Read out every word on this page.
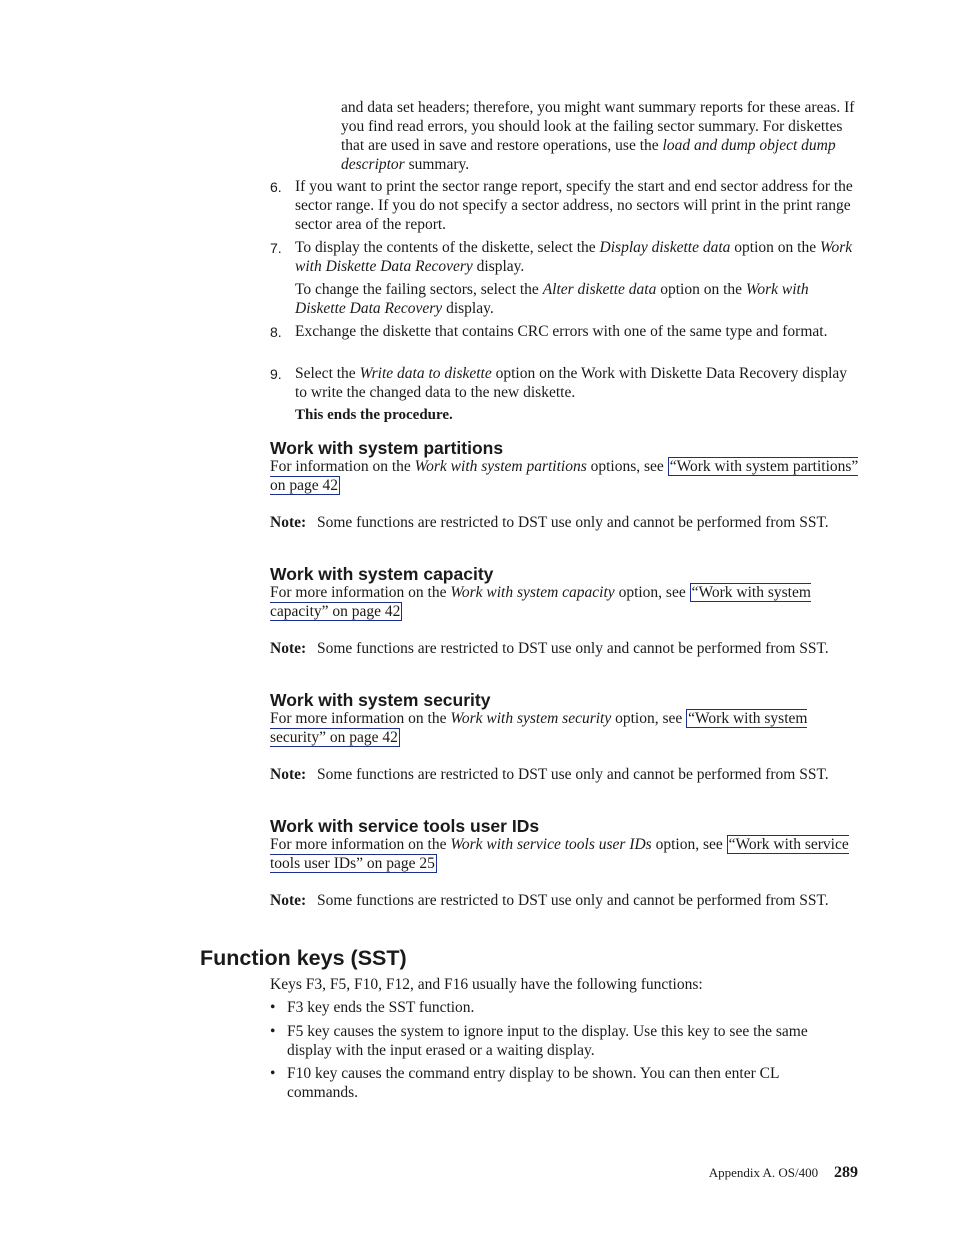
and data set headers; therefore, you might want summary reports for these areas. If you find read errors, you should look at the failing sector summary. For diskettes that are used in save and restore operations, use the load and dump object dump descriptor summary.

6. If you want to print the sector range report, specify the start and end sector address for the sector range. If you do not specify a sector address, no sectors will print in the print range sector area of the report.

7. To display the contents of the diskette, select the Display diskette data option on the Work with Diskette Data Recovery display.

To change the failing sectors, select the Alter diskette data option on the Work with Diskette Data Recovery display.

8. Exchange the diskette that contains CRC errors with one of the same type and format.

9. Select the Write data to diskette option on the Work with Diskette Data Recovery display to write the changed data to the new diskette.

This ends the procedure.

Work with system partitions

For information on the Work with system partitions options, see “Work with system partitions” on page 42

Note: Some functions are restricted to DST use only and cannot be performed from SST.

Work with system capacity

For more information on the Work with system capacity option, see “Work with system capacity” on page 42

Note: Some functions are restricted to DST use only and cannot be performed from SST.

Work with system security

For more information on the Work with system security option, see “Work with system security” on page 42

Note: Some functions are restricted to DST use only and cannot be performed from SST.

Work with service tools user IDs

For more information on the Work with service tools user IDs option, see “Work with service tools user IDs” on page 25

Note: Some functions are restricted to DST use only and cannot be performed from SST.

Function keys (SST)

Keys F3, F5, F10, F12, and F16 usually have the following functions:

• F3 key ends the SST function.
• F5 key causes the system to ignore input to the display. Use this key to see the same display with the input erased or a waiting display.
• F10 key causes the command entry display to be shown. You can then enter CL commands.
Appendix A. OS/400 289
